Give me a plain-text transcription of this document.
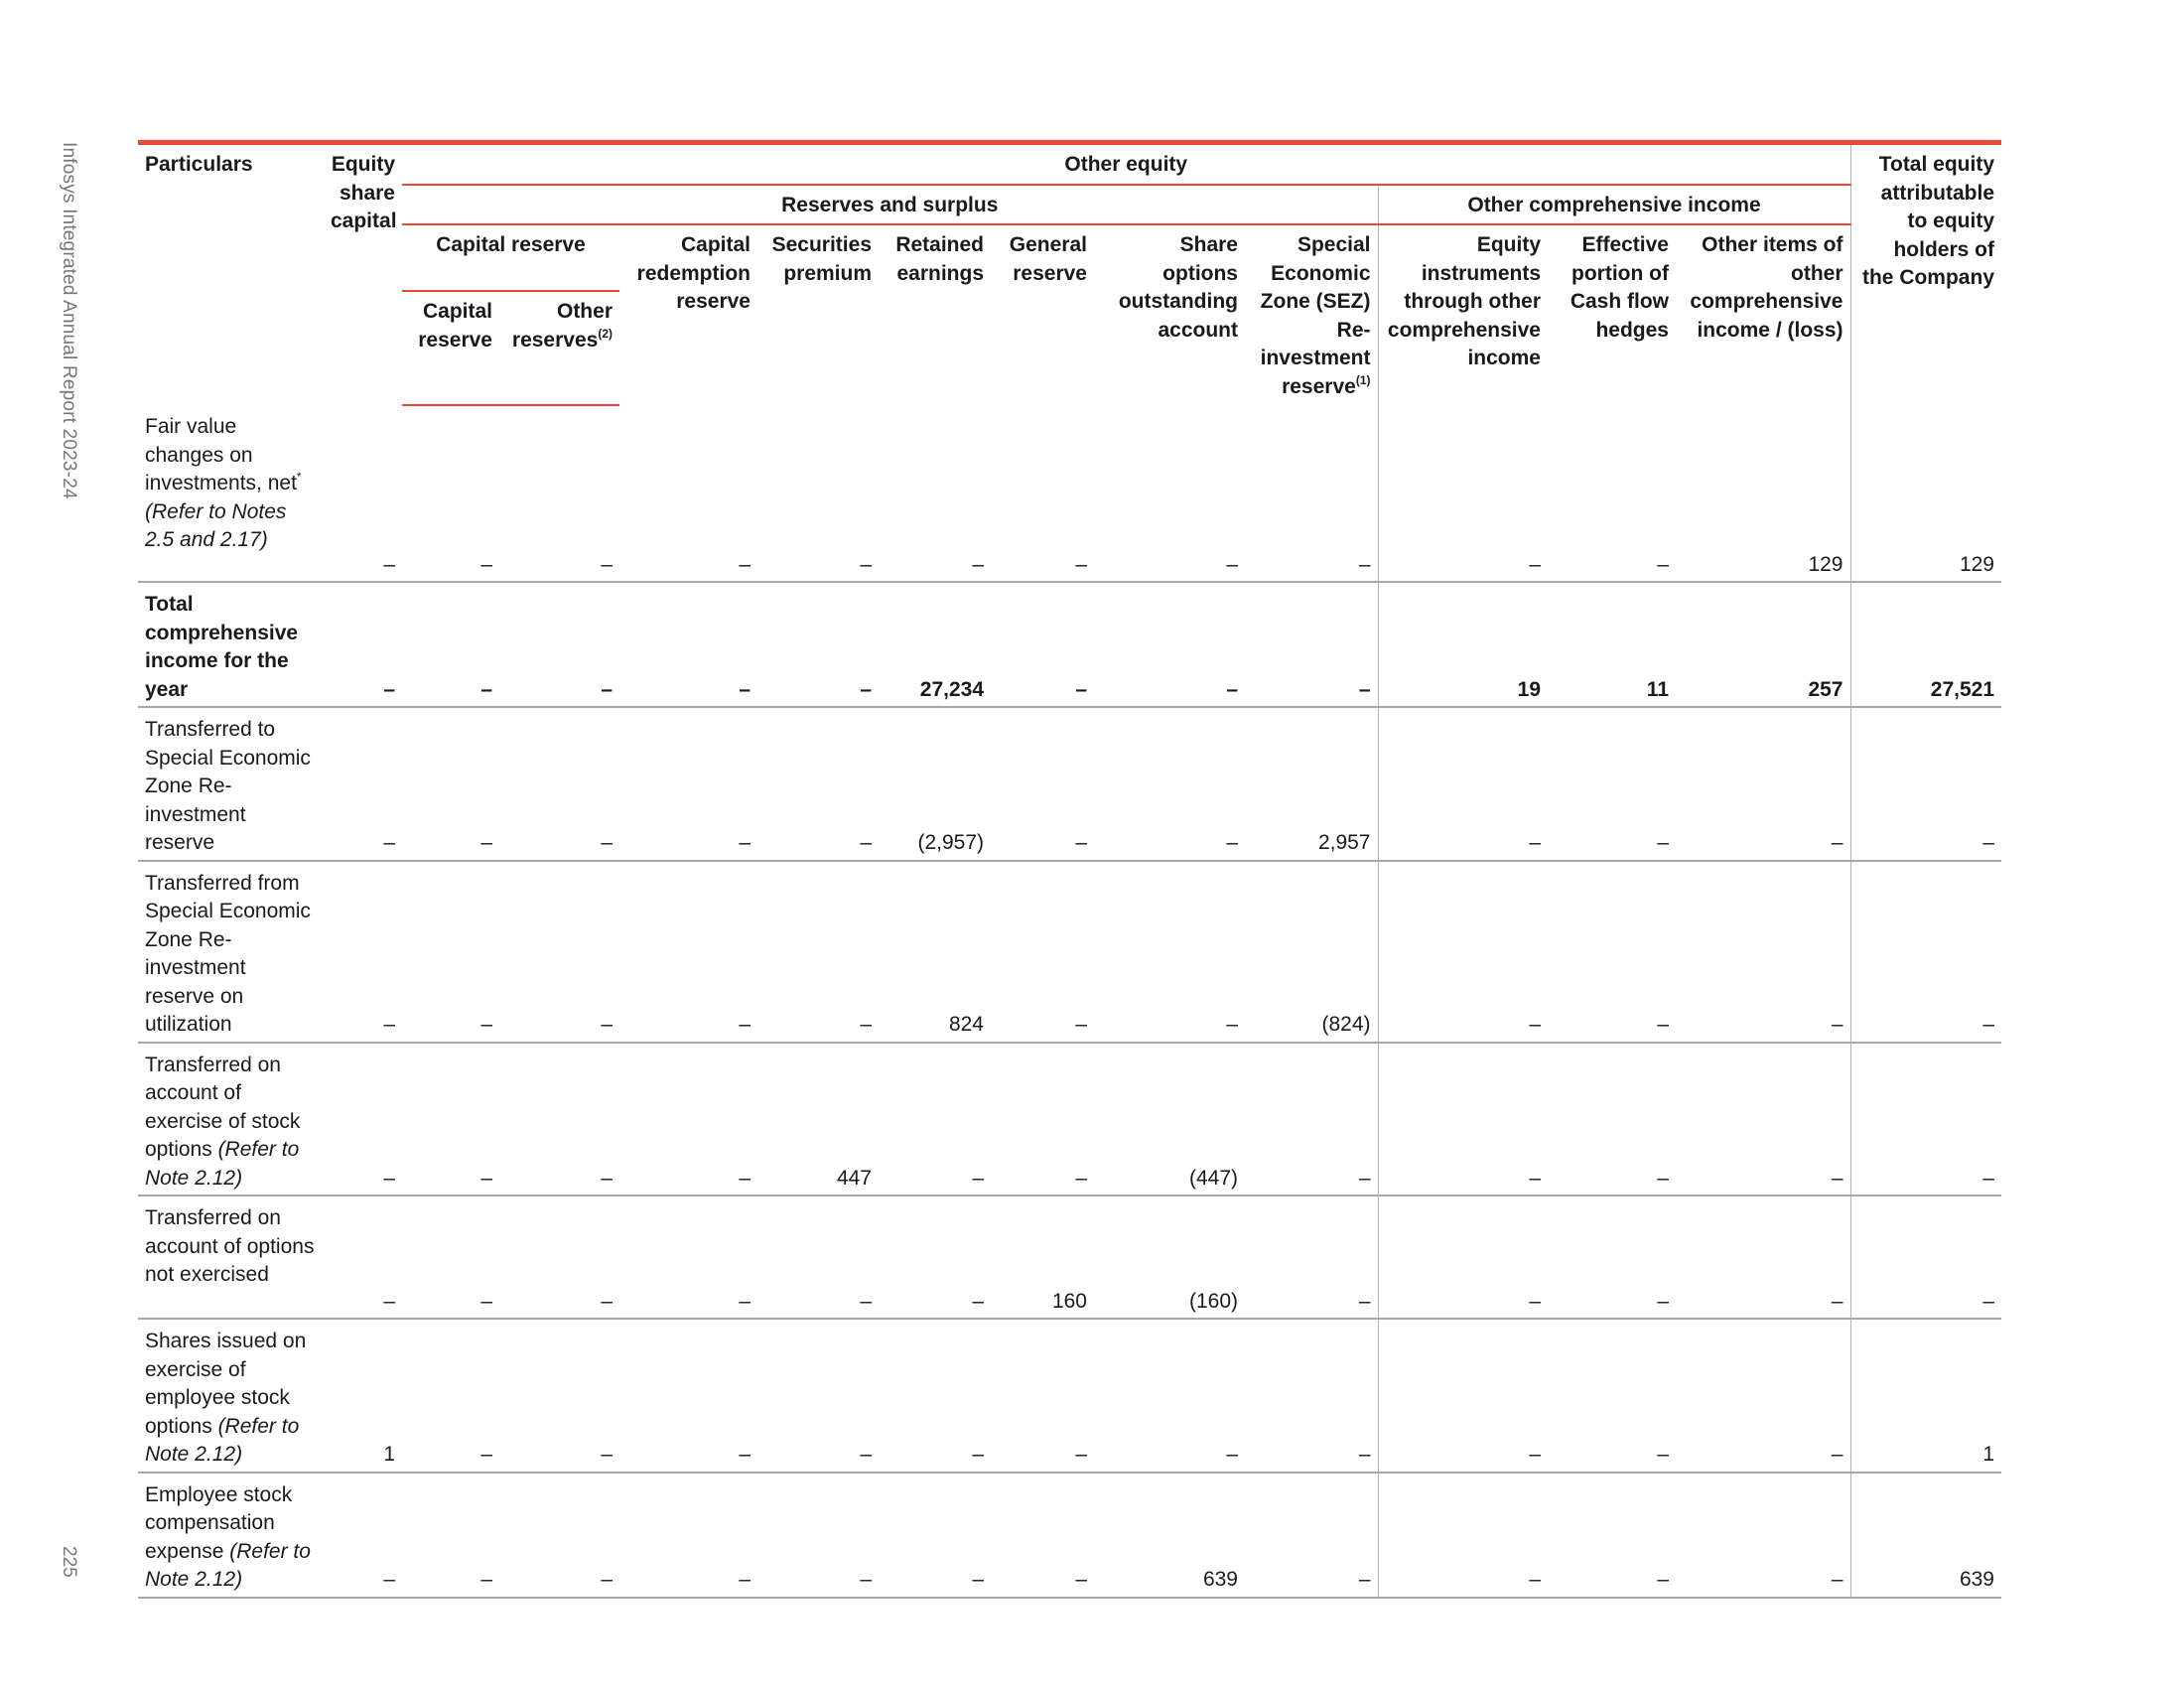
Infosys Integrated Annual Report 2023-24
225
Particulars	Equity share capital	Other equity											Total equity attributable to equity holders of the Company
		Reserves and surplus								Other comprehensive income			
		Capital reserve		Capital redemption reserve	Securities premium	Retained earnings	General reserve	Share options outstanding account	Special Economic Zone (SEZ) Re-investment reserve$^{(1)}$	Equity instruments through other comprehensive income	Effective portion of Cash flow hedges	Other items of other comprehensive income / (loss)	
		Capital reserve	Other reserves$^{(2)}$
Fair value changes on investments, net* (Refer to Notes 2.5 and 2.17)	–	–	–	–	–	–	–	–	–	–	–	129	129
Total comprehensive income for the year	–	–	–	–	–	27,234	–	–	–	19	11	257	27,521
Transferred to Special Economic Zone Re-investment reserve	–	–	–	–	–	(2,957)	–	–	2,957	–	–	–	–
Transferred from Special Economic Zone Re-investment reserve on utilization	–	–	–	–	–	824	–	–	(824)	–	–	–	–
Transferred on account of exercise of stock options (Refer to Note 2.12)	–	–	–	–	447	–	–	(447)	–	–	–	–	–
Transferred on account of options not exercised	–	–	–	–	–	–	160	(160)	–	–	–	–	–
Shares issued on exercise of employee stock options (Refer to Note 2.12)	1	–	–	–	–	–	–	–	–	–	–	–	1
Employee stock compensation expense (Refer to Note 2.12)	–	–	–	–	–	–	–	639	–	–	–	–	639
